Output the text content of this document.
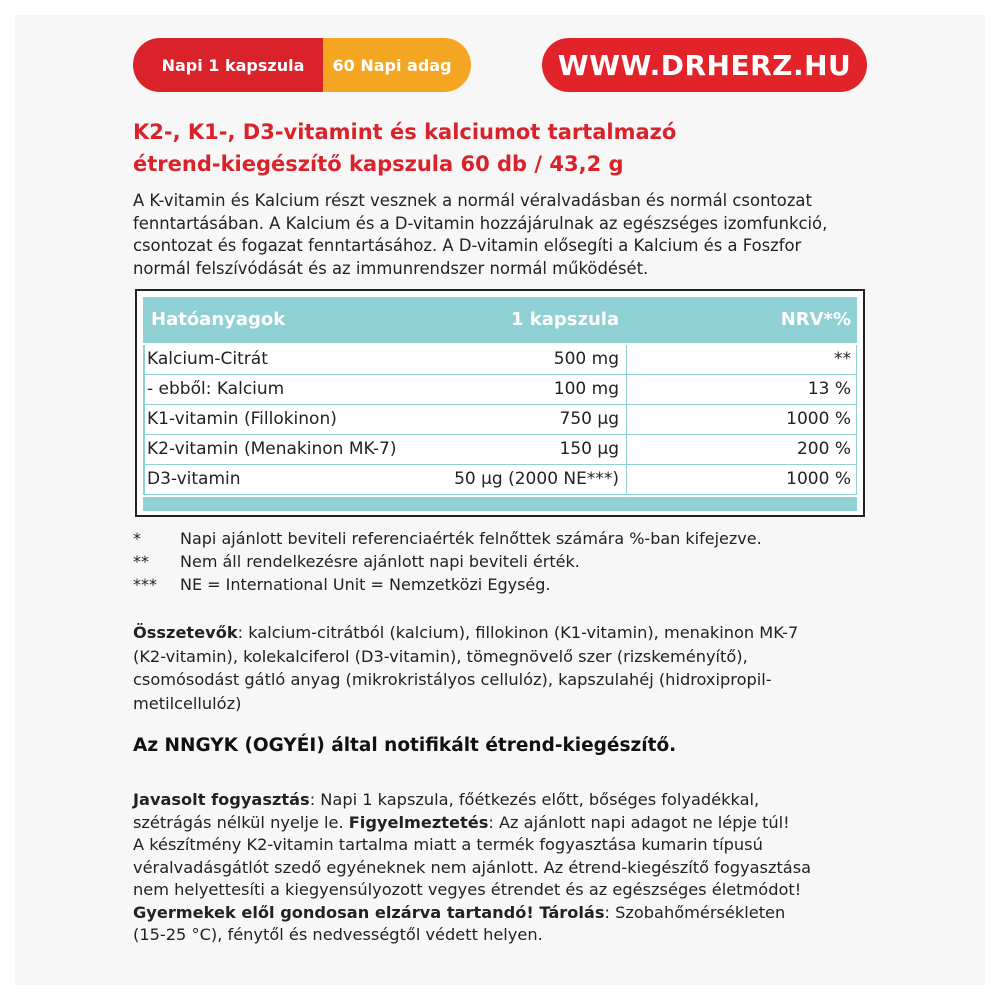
Napi 1 kapszula	60 Napi adag	WWW.DRHERZ.HU
K2-, K1-, D3-vitamint és kalciumot tartalmazó
étrend-kiegészítő kapszula 60 db / 43,2 g
A K-vitamin és Kalcium részt vesznek a normál véralvadásban és normál csontozat
fenntartásában. A Kalcium és a D-vitamin hozzájárulnak az egészséges izomfunkció,
csontozat és fogazat fenntartásához. A D-vitamin elősegíti a Kalcium és a Foszfor
normál felszívódását és az immunrendszer normál működését.
Hatóanyagok	1 kapszula	NRV*%
Kalcium-Citrát	500 mg	**
- ebből: Kalcium	100 mg	13 %
K1-vitamin (Fillokinon)	750 µg	1000 %
K2-vitamin (Menakinon MK-7)	150 µg	200 %
D3-vitamin	50 µg (2000 NE***)	1000 %
*	Napi ajánlott beviteli referenciaérték felnőttek számára %-ban kifejezve.
**	Nem áll rendelkezésre ajánlott napi beviteli érték.
***	NE = International Unit = Nemzetközi Egység.
Összetevők: kalcium-citrátból (kalcium), fillokinon (K1-vitamin), menakinon MK-7
(K2-vitamin), kolekalciferol (D3-vitamin), tömegnövelő szer (rizskeményítő),
csomósodást gátló anyag (mikrokristályos cellulóz), kapszulahéj (hidroxipropil-
metilcellulóz)
Az NNGYK (OGYÉI) által notifikált étrend-kiegészítő.
Javasolt fogyasztás: Napi 1 kapszula, főétkezés előtt, bőséges folyadékkal,
szétrágás nélkül nyelje le. Figyelmeztetés: Az ajánlott napi adagot ne lépje túl!
A készítmény K2-vitamin tartalma miatt a termék fogyasztása kumarin típusú
véralvadásgátlót szedő egyéneknek nem ajánlott. Az étrend-kiegészítő fogyasztása
nem helyettesíti a kiegyensúlyozott vegyes étrendet és az egészséges életmódot!
Gyermekek elől gondosan elzárva tartandó! Tárolás: Szobahőmérsékleten
(15-25 °C), fénytől és nedvességtől védett helyen.
